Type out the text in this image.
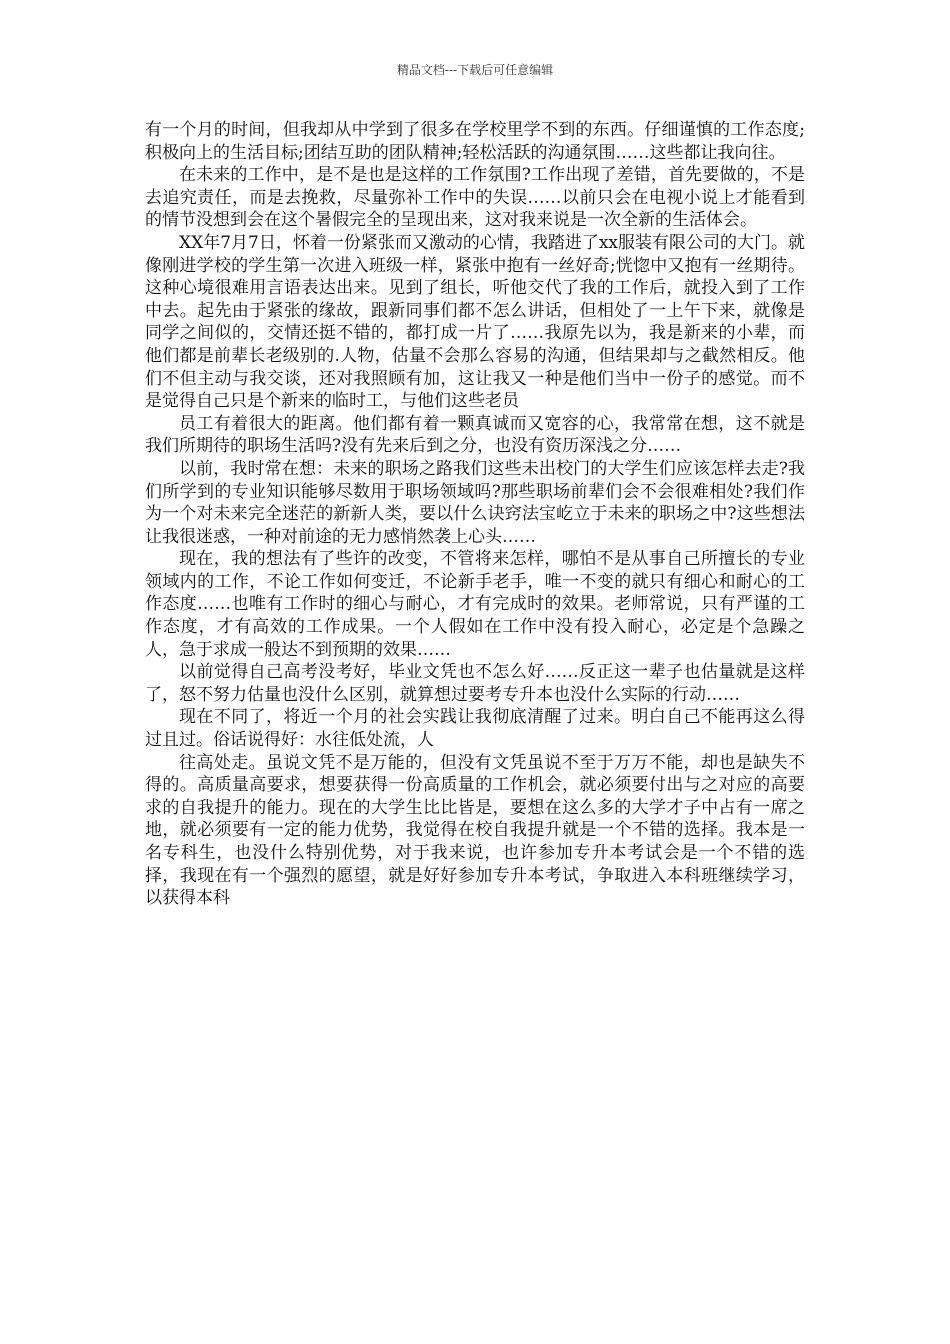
精品文档---下载后可任意编辑

有一个月的时间，但我却从中学到了很多在学校里学不到的东西。仔细谨慎的工作态度;积极向上的生活目标;团结互助的团队精神;轻松活跃的沟通氛围……这些都让我向往。

在未来的工作中，是不是也是这样的工作氛围?工作出现了差错，首先要做的，不是去追究责任，而是去挽救，尽量弥补工作中的失误……以前只会在电视小说上才能看到的情节没想到会在这个暑假完全的呈现出来，这对我来说是一次全新的生活体会。

XX年7月7日，怀着一份紧张而又激动的心情，我踏进了xx服装有限公司的大门。就像刚进学校的学生第一次进入班级一样，紧张中抱有一丝好奇;恍惚中又抱有一丝期待。这种心境很难用言语表达出来。见到了组长，听他交代了我的工作后，就投入到了工作中去。起先由于紧张的缘故，跟新同事们都不怎么讲话，但相处了一上午下来，就像是同学之间似的，交情还挺不错的，都打成一片了……我原先以为，我是新来的小辈，而他们都是前辈长老级别的.人物，估量不会那么容易的沟通，但结果却与之截然相反。他们不但主动与我交谈，还对我照顾有加，这让我又一种是他们当中一份子的感觉。而不是觉得自己只是个新来的临时工，与他们这些老员

员工有着很大的距离。他们都有着一颗真诚而又宽容的心，我常常在想，这不就是我们所期待的职场生活吗?没有先来后到之分，也没有资历深浅之分……

以前，我时常在想：未来的职场之路我们这些未出校门的大学生们应该怎样去走?我们所学到的专业知识能够尽数用于职场领域吗?那些职场前辈们会不会很难相处?我们作为一个对未来完全迷茫的新新人类，要以什么诀窍法宝屹立于未来的职场之中?这些想法让我很迷惑，一种对前途的无力感悄然袭上心头……

现在，我的想法有了些许的改变，不管将来怎样，哪怕不是从事自己所擅长的专业领域内的工作，不论工作如何变迁，不论新手老手，唯一不变的就只有细心和耐心的工作态度……也唯有工作时的细心与耐心，才有完成时的效果。老师常说，只有严谨的工作态度，才有高效的工作成果。一个人假如在工作中没有投入耐心，必定是个急躁之人，急于求成一般达不到预期的效果……

以前觉得自己高考没考好，毕业文凭也不怎么好……反正这一辈子也估量就是这样了，怒不努力估量也没什么区别，就算想过要考专升本也没什么实际的行动……

现在不同了，将近一个月的社会实践让我彻底清醒了过来。明白自己不能再这么得过且过。俗话说得好：水往低处流，人

往高处走。虽说文凭不是万能的，但没有文凭虽说不至于万万不能，却也是缺失不得的。高质量高要求，想要获得一份高质量的工作机会，就必须要付出与之对应的高要求的自我提升的能力。现在的大学生比比皆是，要想在这么多的大学才子中占有一席之地，就必须要有一定的能力优势，我觉得在校自我提升就是一个不错的选择。我本是一名专科生，也没什么特别优势，对于我来说，也许参加专升本考试会是一个不错的选择，我现在有一个强烈的愿望，就是好好参加专升本考试，争取进入本科班继续学习，以获得本科
